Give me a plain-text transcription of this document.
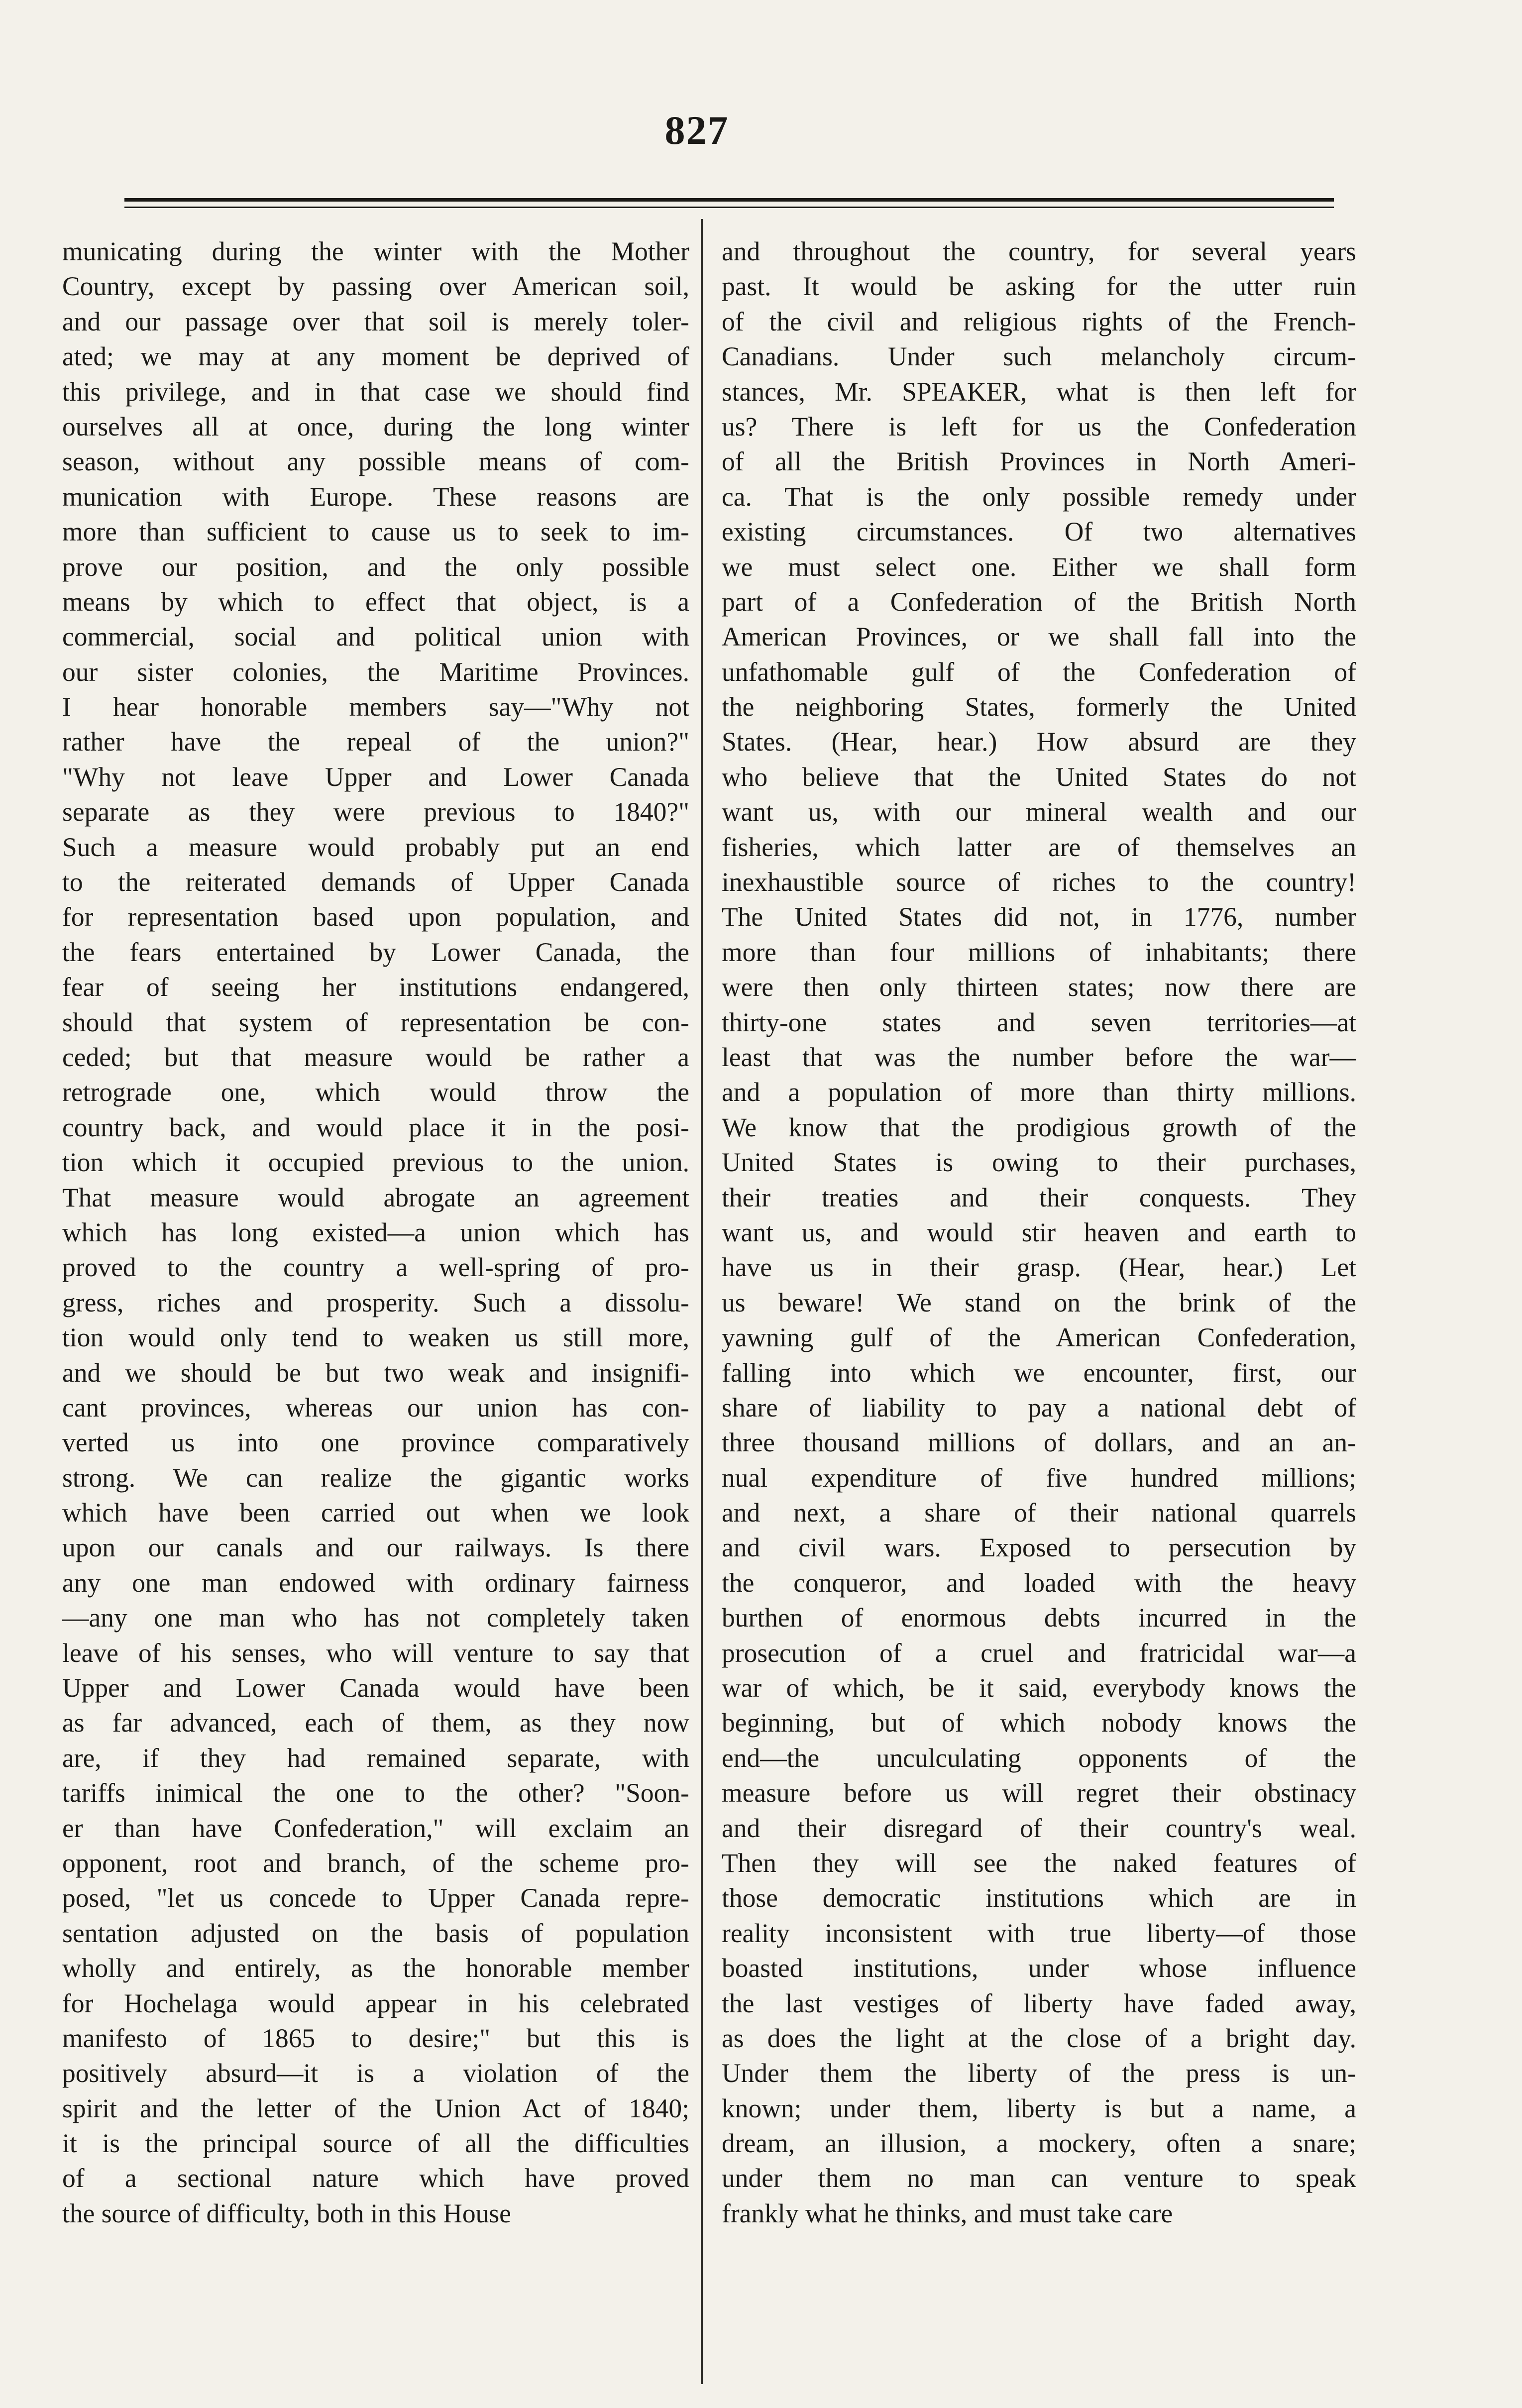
827
municating during the winter with the Mother
Country, except by passing over American soil,
and our passage over that soil is merely toler-
ated; we may at any moment be deprived of
this privilege, and in that case we should find
ourselves all at once, during the long winter
season, without any possible means of com-
munication with Europe. These reasons are
more than sufficient to cause us to seek to im-
prove our position, and the only possible
means by which to effect that object, is a
commercial, social and political union with
our sister colonies, the Maritime Provinces.
I hear honorable members say—"Why not
rather have the repeal of the union?"
"Why not leave Upper and Lower Canada
separate as they were previous to 1840?"
Such a measure would probably put an end
to the reiterated demands of Upper Canada
for representation based upon population, and
the fears entertained by Lower Canada, the
fear of seeing her institutions endangered,
should that system of representation be con-
ceded; but that measure would be rather a
retrograde one, which would throw the
country back, and would place it in the posi-
tion which it occupied previous to the union.
That measure would abrogate an agreement
which has long existed—a union which has
proved to the country a well-spring of pro-
gress, riches and prosperity. Such a dissolu-
tion would only tend to weaken us still more,
and we should be but two weak and insignifi-
cant provinces, whereas our union has con-
verted us into one province comparatively
strong. We can realize the gigantic works
which have been carried out when we look
upon our canals and our railways. Is there
any one man endowed with ordinary fairness
—any one man who has not completely taken
leave of his senses, who will venture to say that
Upper and Lower Canada would have been
as far advanced, each of them, as they now
are, if they had remained separate, with
tariffs inimical the one to the other? "Soon-
er than have Confederation," will exclaim an
opponent, root and branch, of the scheme pro-
posed, "let us concede to Upper Canada repre-
sentation adjusted on the basis of population
wholly and entirely, as the honorable member
for Hochelaga would appear in his celebrated
manifesto of 1865 to desire;" but this is
positively absurd—it is a violation of the
spirit and the letter of the Union Act of 1840;
it is the principal source of all the difficulties
of a sectional nature which have proved
the source of difficulty, both in this House
and throughout the country, for several years
past. It would be asking for the utter ruin
of the civil and religious rights of the French-
Canadians. Under such melancholy circum-
stances, Mr. SPEAKER, what is then left for
us? There is left for us the Confederation
of all the British Provinces in North Ameri-
ca. That is the only possible remedy under
existing circumstances. Of two alternatives
we must select one. Either we shall form
part of a Confederation of the British North
American Provinces, or we shall fall into the
unfathomable gulf of the Confederation of
the neighboring States, formerly the United
States. (Hear, hear.) How absurd are they
who believe that the United States do not
want us, with our mineral wealth and our
fisheries, which latter are of themselves an
inexhaustible source of riches to the country!
The United States did not, in 1776, number
more than four millions of inhabitants; there
were then only thirteen states; now there are
thirty-one states and seven territories—at
least that was the number before the war—
and a population of more than thirty millions.
We know that the prodigious growth of the
United States is owing to their purchases,
their treaties and their conquests. They
want us, and would stir heaven and earth to
have us in their grasp. (Hear, hear.) Let
us beware! We stand on the brink of the
yawning gulf of the American Confederation,
falling into which we encounter, first, our
share of liability to pay a national debt of
three thousand millions of dollars, and an an-
nual expenditure of five hundred millions;
and next, a share of their national quarrels
and civil wars. Exposed to persecution by
the conqueror, and loaded with the heavy
burthen of enormous debts incurred in the
prosecution of a cruel and fratricidal war—a
war of which, be it said, everybody knows the
beginning, but of which nobody knows the
end—the unculculating opponents of the
measure before us will regret their obstinacy
and their disregard of their country's weal.
Then they will see the naked features of
those democratic institutions which are in
reality inconsistent with true liberty—of those
boasted institutions, under whose influence
the last vestiges of liberty have faded away,
as does the light at the close of a bright day.
Under them the liberty of the press is un-
known; under them, liberty is but a name, a
dream, an illusion, a mockery, often a snare;
under them no man can venture to speak
frankly what he thinks, and must take care
